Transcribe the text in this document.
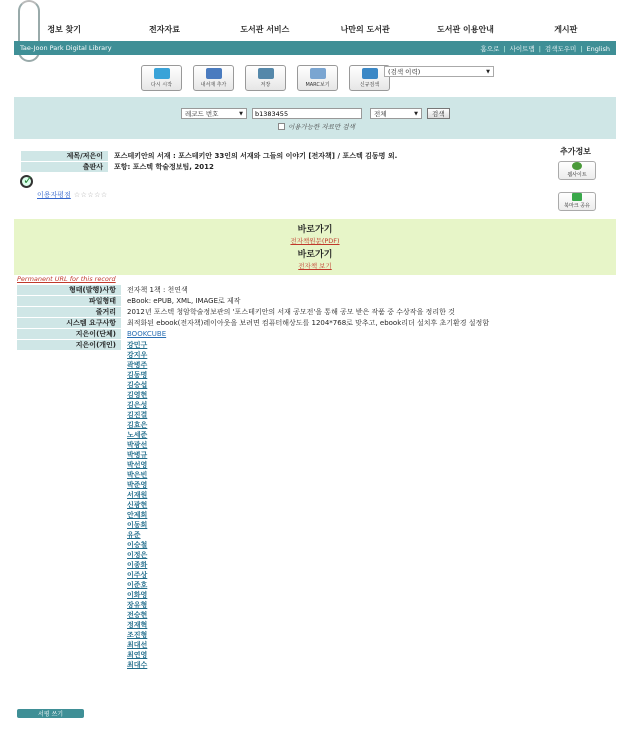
정보 찾기	전자자료	도서관 서비스	나만의 도서관	도서관 이용안내	게시판
Tae-Joon Park Digital Library	홈으로 | 사이트맵 | 검색도우미 | English
다시 시작	내서재 추가	저장	MARC보기	신규검색
(검색 이력)	▼
레코드 번호	▼
b1383455	전체	▼	검색
이용가능한 자료만 검색
제목/저은이	포스테키안의 서재 : 포스테키안 33인의 서재와 그들의 이야기 [전자책] / 포스텍 김동명 외.
출판사	포항: 포스텍 학술정보팀, 2012
추가정보
웹사이트
북마크 공유
✓
이용자평점 ☆☆☆☆☆
바로가기
전자책원문(PDF)
바로가기
전자책 보기
Permanent URL for this record
형태(발행)사항	전자책 1책 : 천연색
파일형태	eBook: ePUB, XML, IMAGE로 제작
줄거리	2012년 포스텍 청암학술정보관의 '포스테키안의 서재 공모전'을 통해 공모 받은 작품 중 수상작을 정리한 것
시스템 요구사항	최적화된 ebook(전자책)레이아웃을 보려면 컴퓨터해상도를 1204*768로 맞추고, ebook리더 설치후 초기환경 설정함
지은이(단체)	BOOKCUBE
지은이(개인)	강민구
강지우
곽병주
김동명
김승섭
김영현
김은성
김진결
김효은
노세준
박광선
박병규
박선영
박은빈
박준영
서재원
신광현
안제희
이동희
유준
이승철
이정은
이종화
이주상
이준호
이화영
장유형
전승현
정재혁
조진형
최대선
최연영
최대수
서평 쓰기
